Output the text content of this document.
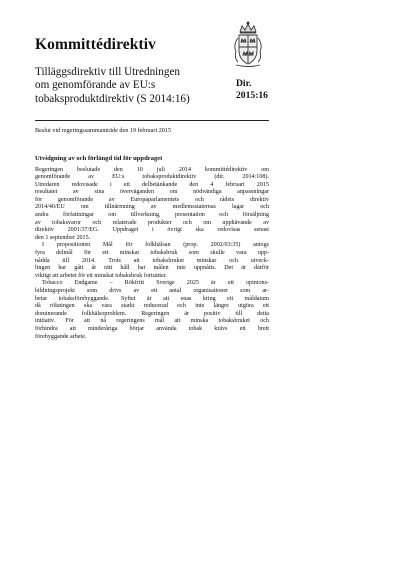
Kommittédirektiv
Tilläggsdirektiv till Utredningen
om genomförande av EU:s
tobaksproduktdirektiv (S 2014:16)
Dir.
2015:16
Beslut vid regeringssammanträde den 19 februari 2015
Utvidgning av och förlängd tid för uppdraget
Regeringen beslutade den 10 juli 2014 kommittédirektiv om
genomförande av EU:s tobaksproduktdirektiv (dir. 2014:108).
Utredaren redovisade i ett delbetänkande den 4 februari 2015
resultatet av sina överväganden om nödvändiga anpassningar
för genomförande av Europaparlamentets och rådets direktiv
2014/40/EU om tillnärmning av medlemsstaternas lagar och
andra författningar om tillverkning, presentation och försäljning
av tobaksvaror och relaterade produkter och om upphävande av
direktiv 2001/37/EG. Uppdraget i övrigt ska redovisas senast
den 1 september 2015.
I propositionen Mål för folkhälsan (prop. 2002/03:35) antogs
fyra delmål för ett minskat tobaksbruk som skulle vara upp-
nådda till 2014. Trots att tobaksbruket minskar och utveck-
lingen har gått åt rätt håll har målen inte uppnåtts. Det är därför
viktigt att arbetet för ett minskat tobaksbruk fortsätter.
Tobacco Endgame – Rökfritt Sverige 2025 är ett opinions-
bildningsprojekt som drivs av ett antal organisationer som ar-
betar tobaksförebyggande. Syftet är att enas kring ett måldatum
då rökningen ska vara starkt reducerad och inte längre utgöra ett
dominerande folkhälsoproblem. Regeringen är positiv till detta
initiativ. För att nå regeringens mål att minska tobaksbruket och
förhindra att minderåriga börjar använda tobak krävs ett brett
förebyggande arbete.
